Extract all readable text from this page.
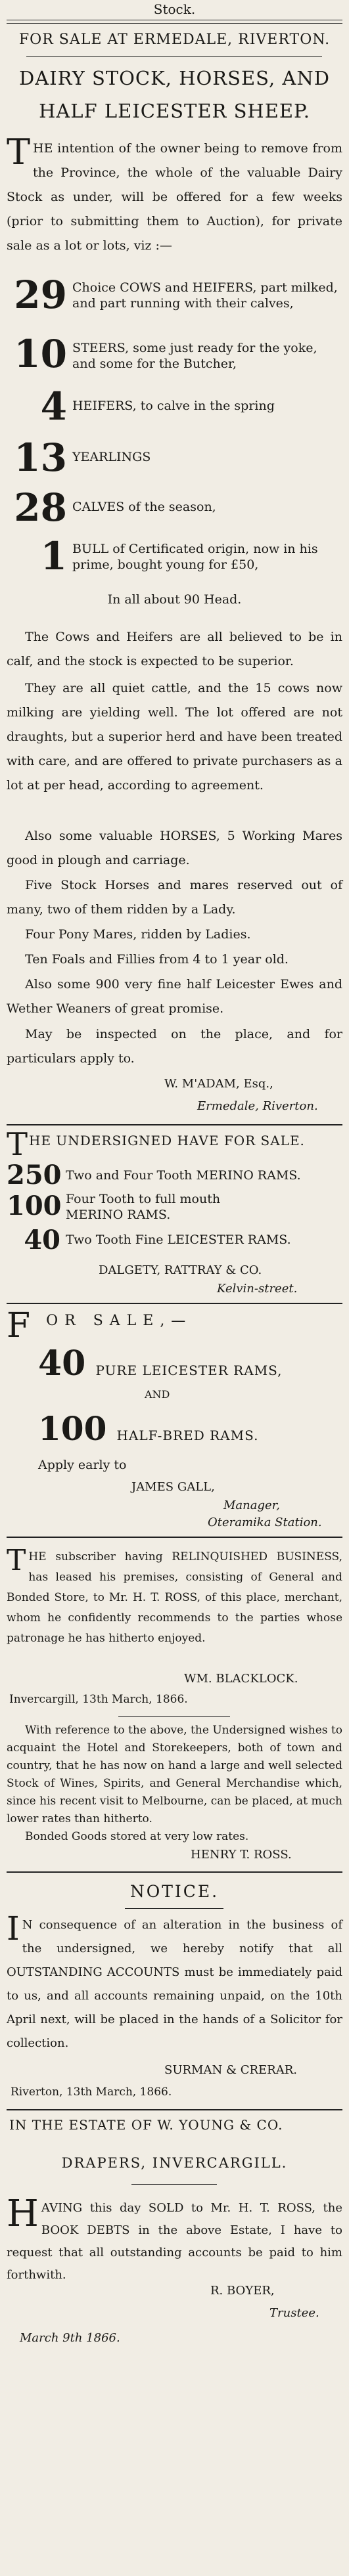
Stock.
FOR SALE AT ERMEDALE, RIVERTON.
DAIRY STOCK, HORSES, AND
HALF LEICESTER SHEEP.
THE intention of the owner being to remove from the Province, the whole of the valuable Dairy Stock as under, will be offered for a few weeks (prior to submitting them to Auction), for private sale as a lot or lots, viz :—
29 Choice COWS and HEIFERS, part milked, and part running with their calves,
10 STEERS, some just ready for the yoke, and some for the Butcher,
4 HEIFERS, to calve in the spring
13 YEARLINGS
28 CALVES of the season,
1 BULL of Certificated origin, now in his prime, bought young for £50,
In all about 90 Head.
The Cows and Heifers are all believed to be in calf, and the stock is expected to be superior.
They are all quiet cattle, and the 15 cows now milking are yielding well. The lot offered are not draughts, but a superior herd and have been treated with care, and are offered to private purchasers as a lot at per head, according to agreement.
Also some valuable HORSES, 5 Working Mares good in plough and carriage.
Five Stock Horses and mares reserved out of many, two of them ridden by a Lady.
Four Pony Mares, ridden by Ladies.
Ten Foals and Fillies from 4 to 1 year old.
Also some 900 very fine half Leicester Ewes and Wether Weaners of great promise.
May be inspected on the place, and for particulars apply to.
W. M'ADAM, Esq.,
Ermedale, Riverton.
T HE UNDERSIGNED HAVE FOR SALE.
250 Two and Four Tooth MERINO RAMS.
100 Four Tooth to full mouth MERINO RAMS.
40 Two Tooth Fine LEICESTER RAMS.
DALGETY, RATTRAY & CO.
Kelvin-street.
F OR SALE,—
40 PURE LEICESTER RAMS,
AND
100 HALF-BRED RAMS.
Apply early to
JAMES GALL,
Manager,
Oteramika Station.
THE subscriber having RELINQUISHED BUSINESS, has leased his premises, consisting of General and Bonded Store, to Mr. H. T. ROSS, of this place, merchant, whom he confidently recommends to the parties whose patronage he has hitherto enjoyed.
WM. BLACKLOCK.
Invercargill, 13th March, 1866.
With reference to the above, the Undersigned wishes to acquaint the Hotel and Storekeepers, both of town and country, that he has now on hand a large and well selected Stock of Wines, Spirits, and General Merchandise which, since his recent visit to Melbourne, can be placed, at much lower rates than hitherto.
Bonded Goods stored at very low rates.
HENRY T. ROSS.
NOTICE.
I N consequence of an alteration in the business of the undersigned, we hereby notify that all OUTSTANDING ACCOUNTS must be immediately paid to us, and all accounts remaining unpaid, on the 10th April next, will be placed in the hands of a Solicitor for collection.
SURMAN & CRERAR.
Riverton, 13th March, 1866.
IN THE ESTATE OF W. YOUNG & CO.
DRAPERS, INVERCARGILL.
HAVING this day SOLD to Mr. H. T. ROSS, the BOOK DEBTS in the above Estate, I have to request that all outstanding accounts be paid to him forthwith.
R. BOYER,
Trustee.
March 9th 1866.
